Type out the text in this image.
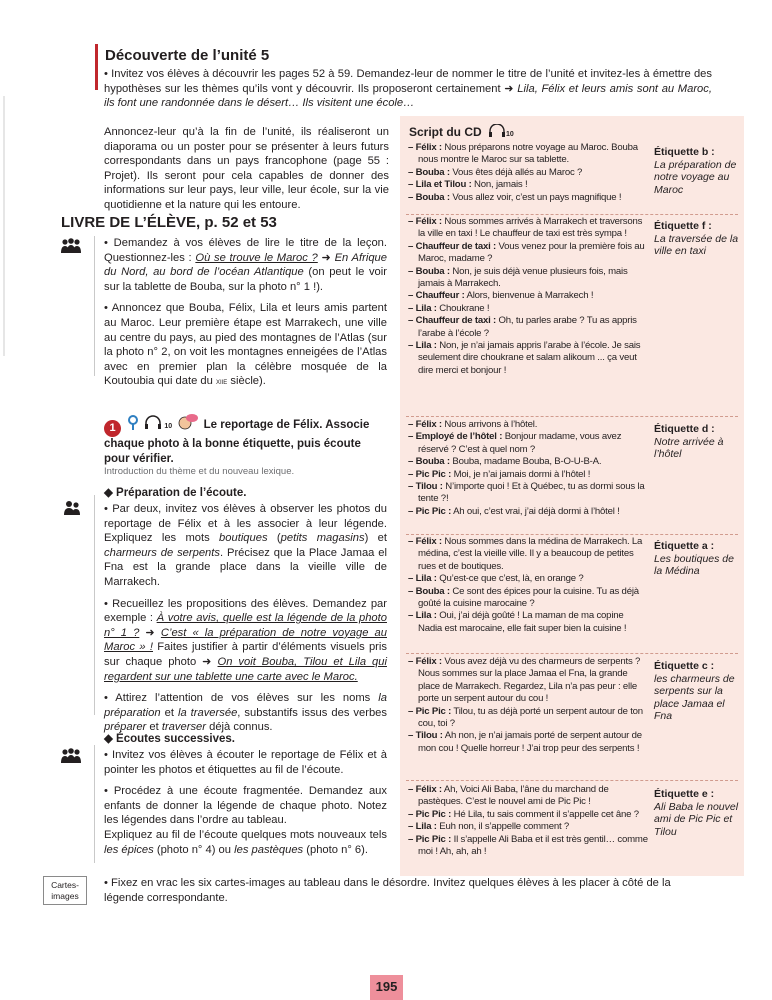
Découverte de l’unité 5

• Invitez vos élèves à découvrir les pages 52 à 59. Demandez-leur de nommer le titre de l’unité et invitez-les à émettre des hypothèses sur les thèmes qu’ils vont y découvrir. Ils proposeront certainement ➜ Lila, Félix et leurs amis sont au Maroc, ils font une randonnée dans le désert… Ils visitent une école…

Annoncez-leur qu’à la fin de l’unité, ils réaliseront un diaporama ou un poster pour se présenter à leurs futurs correspondants dans un pays francophone (page 55 : Projet). Ils seront pour cela capables de donner des informations sur leur pays, leur ville, leur école, sur la vie quotidienne et la nature qui les entoure.

LIVRE DE L’ÉLÈVE, p. 52 et 53

• Demandez à vos élèves de lire le titre de la leçon. Questionnez-les : Où se trouve le Maroc ? ➜ En Afrique du Nord, au bord de l’océan Atlantique (on peut le voir sur la tablette de Bouba, sur la photo n° 1 !).

• Annoncez que Bouba, Félix, Lila et leurs amis partent au Maroc. Leur première étape est Marrakech, une ville au centre du pays, au pied des montagnes de l’Atlas (sur la photo n° 2, on voit les montagnes enneigées de l’Atlas avec en premier plan la célèbre mosquée de la Koutoubia qui date du xiie siècle).

1	10	Le reportage de Félix. Associe chaque photo à la bonne étiquette, puis écoute pour vérifier.
Introduction du thème et du nouveau lexique.

◆ Préparation de l’écoute.

• Par deux, invitez vos élèves à observer les photos du reportage de Félix et à les associer à leur légende. Expliquez les mots boutiques (petits magasins) et charmeurs de serpents. Précisez que la Place Jamaa el Fna est la grande place dans la vieille ville de Marrakech.

• Recueillez les propositions des élèves. Demandez par exemple : À votre avis, quelle est la légende de la photo n° 1 ? ➜ C’est « la préparation de notre voyage au Maroc » ! Faites justifier à partir d’éléments visuels pris sur chaque photo ➜ On voit Bouba, Tilou et Lila qui regardent sur une tablette une carte avec le Maroc.

• Attirez l’attention de vos élèves sur les noms la préparation et la traversée, substantifs issus des verbes préparer et traverser déjà connus.

◆ Écoutes successives.

• Invitez vos élèves à écouter le reportage de Félix et à pointer les photos et étiquettes au fil de l’écoute.

• Procédez à une écoute fragmentée. Demandez aux enfants de donner la légende de chaque photo. Notez les légendes dans l’ordre au tableau.

Expliquez au fil de l’écoute quelques mots nouveaux tels les épices (photo n° 4) ou les pastèques (photo n° 6).

Cartes-images

• Fixez en vrac les six cartes-images au tableau dans le désordre. Invitez quelques élèves à les placer à côté de la légende correspondante.

Script du CD	10

– Félix : Nous préparons notre voyage au Maroc. Bouba nous montre le Maroc sur sa tablette.

– Bouba : Vous êtes déjà allés au Maroc ?

– Lila et Tilou : Non, jamais !

– Bouba : Vous allez voir, c’est un pays magnifique !

Étiquette b :
La préparation de notre voyage au Maroc

– Félix : Nous sommes arrivés à Marrakech et traversons la ville en taxi ! Le chauffeur de taxi est très sympa !

– Chauffeur de taxi : Vous venez pour la première fois au Maroc, madame ?

– Bouba : Non, je suis déjà venue plusieurs fois, mais jamais à Marrakech.

– Chauffeur : Alors, bienvenue à Marrakech !

– Lila : Choukrane !

– Chauffeur de taxi : Oh, tu parles arabe ? Tu as appris l’arabe à l’école ?

– Lila : Non, je n’ai jamais appris l’arabe à l’école. Je sais seulement dire choukrane et salam alikoum ... ça veut dire merci et bonjour !

Étiquette f :
La traversée de la ville en taxi

– Félix : Nous arrivons à l’hôtel.

– Employé de l’hôtel : Bonjour madame, vous avez réservé ? C’est à quel nom ?

– Bouba : Bouba, madame Bouba, B-O-U-B-A.

– Pic Pic : Moi, je n’ai jamais dormi à l’hôtel !

– Tilou : N’importe quoi ! Et à Québec, tu as dormi sous la tente ?!

– Pic Pic : Ah oui, c’est vrai, j’ai déjà dormi à l’hôtel !

Étiquette d :
Notre arrivée à l’hôtel

– Félix : Nous sommes dans la médina de Marrakech. La médina, c’est la vieille ville. Il y a beaucoup de petites rues et de boutiques.

– Lila : Qu’est-ce que c’est, là, en orange ?

– Bouba : Ce sont des épices pour la cuisine. Tu as déjà goûté la cuisine marocaine ?

– Lila : Oui, j’ai déjà goûté ! La maman de ma copine Nadia est marocaine, elle fait super bien la cuisine !

Étiquette a :
Les boutiques de la Médina

– Félix : Vous avez déjà vu des charmeurs de serpents ? Nous sommes sur la place Jamaa el Fna, la grande place de Marrakech. Regardez, Lila n’a pas peur : elle porte un serpent autour du cou !

– Pic Pic : Tilou, tu as déjà porté un serpent autour de ton cou, toi ?

– Tilou : Ah non, je n’ai jamais porté de serpent autour de mon cou ! Quelle horreur ! J’ai trop peur des serpents !

Étiquette c :
les charmeurs de serpents sur la place Jamaa el Fna

– Félix : Ah, Voici Ali Baba, l’âne du marchand de pastèques. C’est le nouvel ami de Pic Pic !

– Pic Pic : Hé Lila, tu sais comment il s’appelle cet âne ?

– Lila : Euh non, il s’appelle comment ?

– Pic Pic : Il s’appelle Ali Baba et il est très gentil… comme moi ! Ah, ah, ah !

Étiquette e :
Ali Baba le nouvel ami de Pic Pic et Tilou
195
